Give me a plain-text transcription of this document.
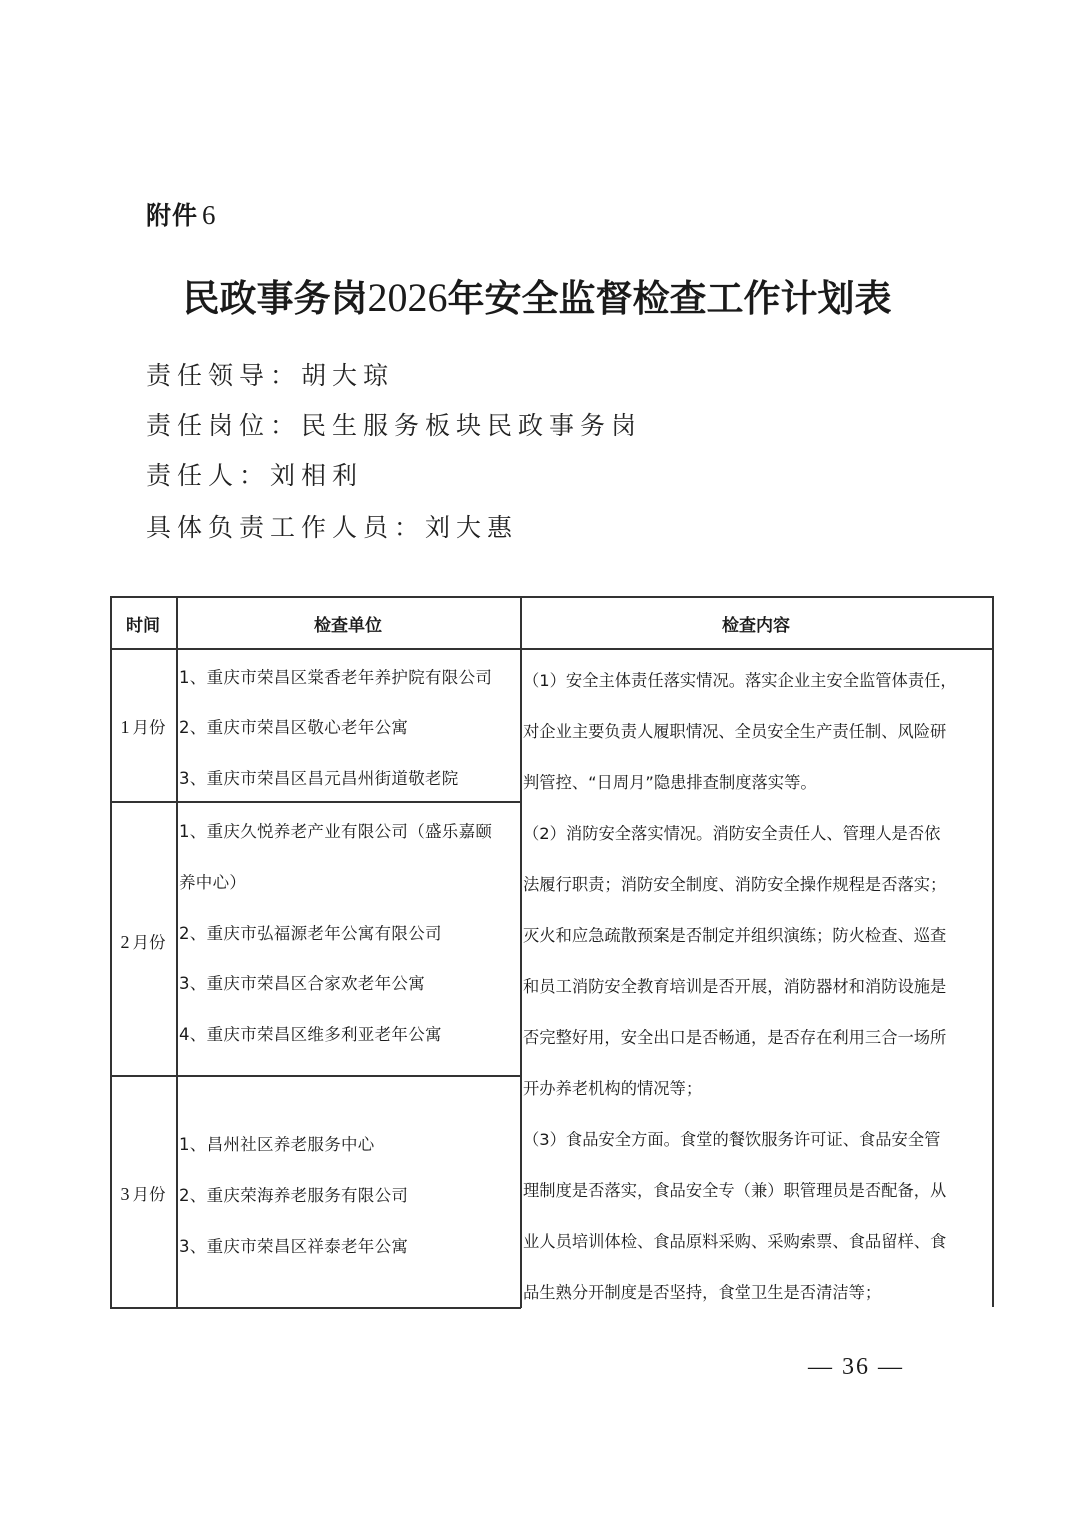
附件 6
民政事务岗2026年安全监督检查工作计划表
责任领导：胡大琼
责任岗位：民生服务板块民政事务岗
责任人：刘相利
具体负责工作人员：刘大惠
时间	检查单位	检查内容
1 月份
2 月份
3 月份
1、重庆市荣昌区棠香老年养护院有限公司
2、重庆市荣昌区敬心老年公寓
3、重庆市荣昌区昌元昌州街道敬老院
1、重庆久悦养老产业有限公司（盛乐嘉颐
养中心）
2、重庆市弘福源老年公寓有限公司
3、重庆市荣昌区合家欢老年公寓
4、重庆市荣昌区维多利亚老年公寓
1、昌州社区养老服务中心
2、重庆荣海养老服务有限公司
3、重庆市荣昌区祥泰老年公寓

（1）安全主体责任落实情况。落实企业主安全监管体责任，

对企业主要负责人履职情况、全员安全生产责任制、风险研

判管控、“日周月”隐患排查制度落实等。

（2）消防安全落实情况。消防安全责任人、管理人是否依

法履行职责；消防安全制度、消防安全操作规程是否落实；

灭火和应急疏散预案是否制定并组织演练；防火检查、巡查

和员工消防安全教育培训是否开展，消防器材和消防设施是

否完整好用，安全出口是否畅通，是否存在利用三合一场所

开办养老机构的情况等；

（3）食品安全方面。食堂的餐饮服务许可证、食品安全管

理制度是否落实，食品安全专（兼）职管理员是否配备，从

业人员培训体检、食品原料采购、采购索票、食品留样、食

品生熟分开制度是否坚持，食堂卫生是否清洁等；

— 36 —
